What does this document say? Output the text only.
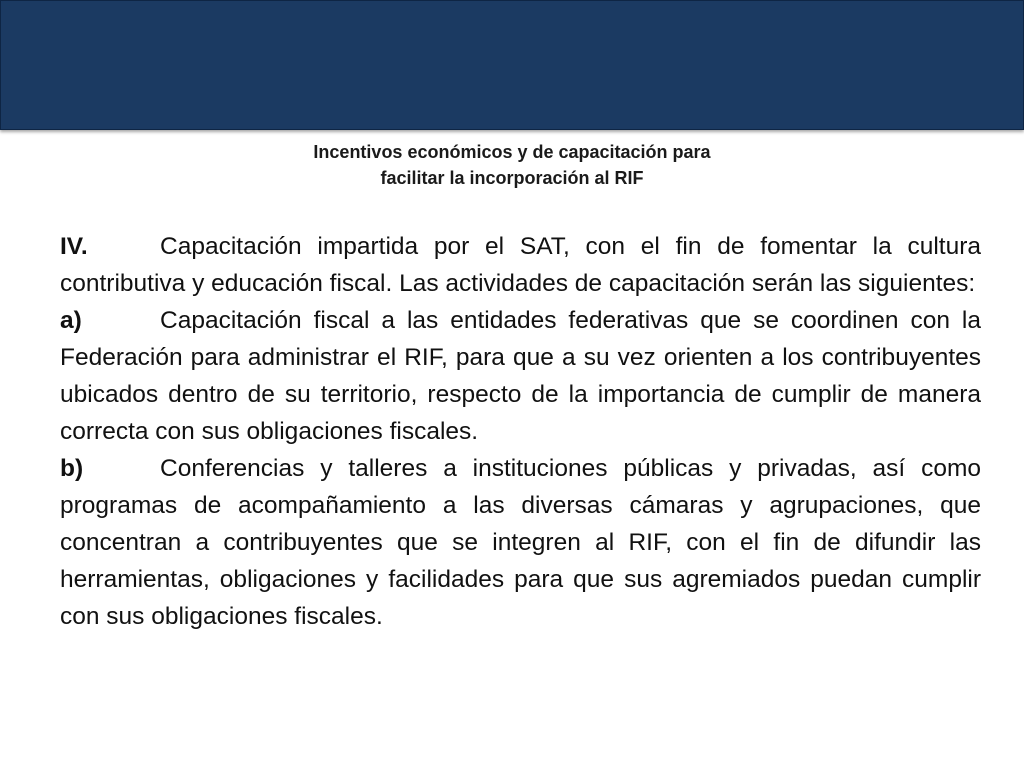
Incentivos económicos y de capacitación para
facilitar la incorporación al RIF

IV.	Capacitación impartida por el SAT, con el fin de fomentar la cultura contributiva y educación fiscal. Las actividades de capacitación serán las siguientes:

a)	Capacitación fiscal a las entidades federativas que se coordinen con la Federación para administrar el RIF, para que a su vez orienten a los contribuyentes ubicados dentro de su territorio, respecto de la importancia de cumplir de manera correcta con sus obligaciones fiscales.

b)	Conferencias y talleres a instituciones públicas y privadas, así como programas de acompañamiento a las diversas cámaras y agrupaciones, que concentran a contribuyentes que se integren al RIF, con el fin de difundir las herramientas, obligaciones y facilidades para que sus agremiados puedan cumplir con sus obligaciones fiscales.
